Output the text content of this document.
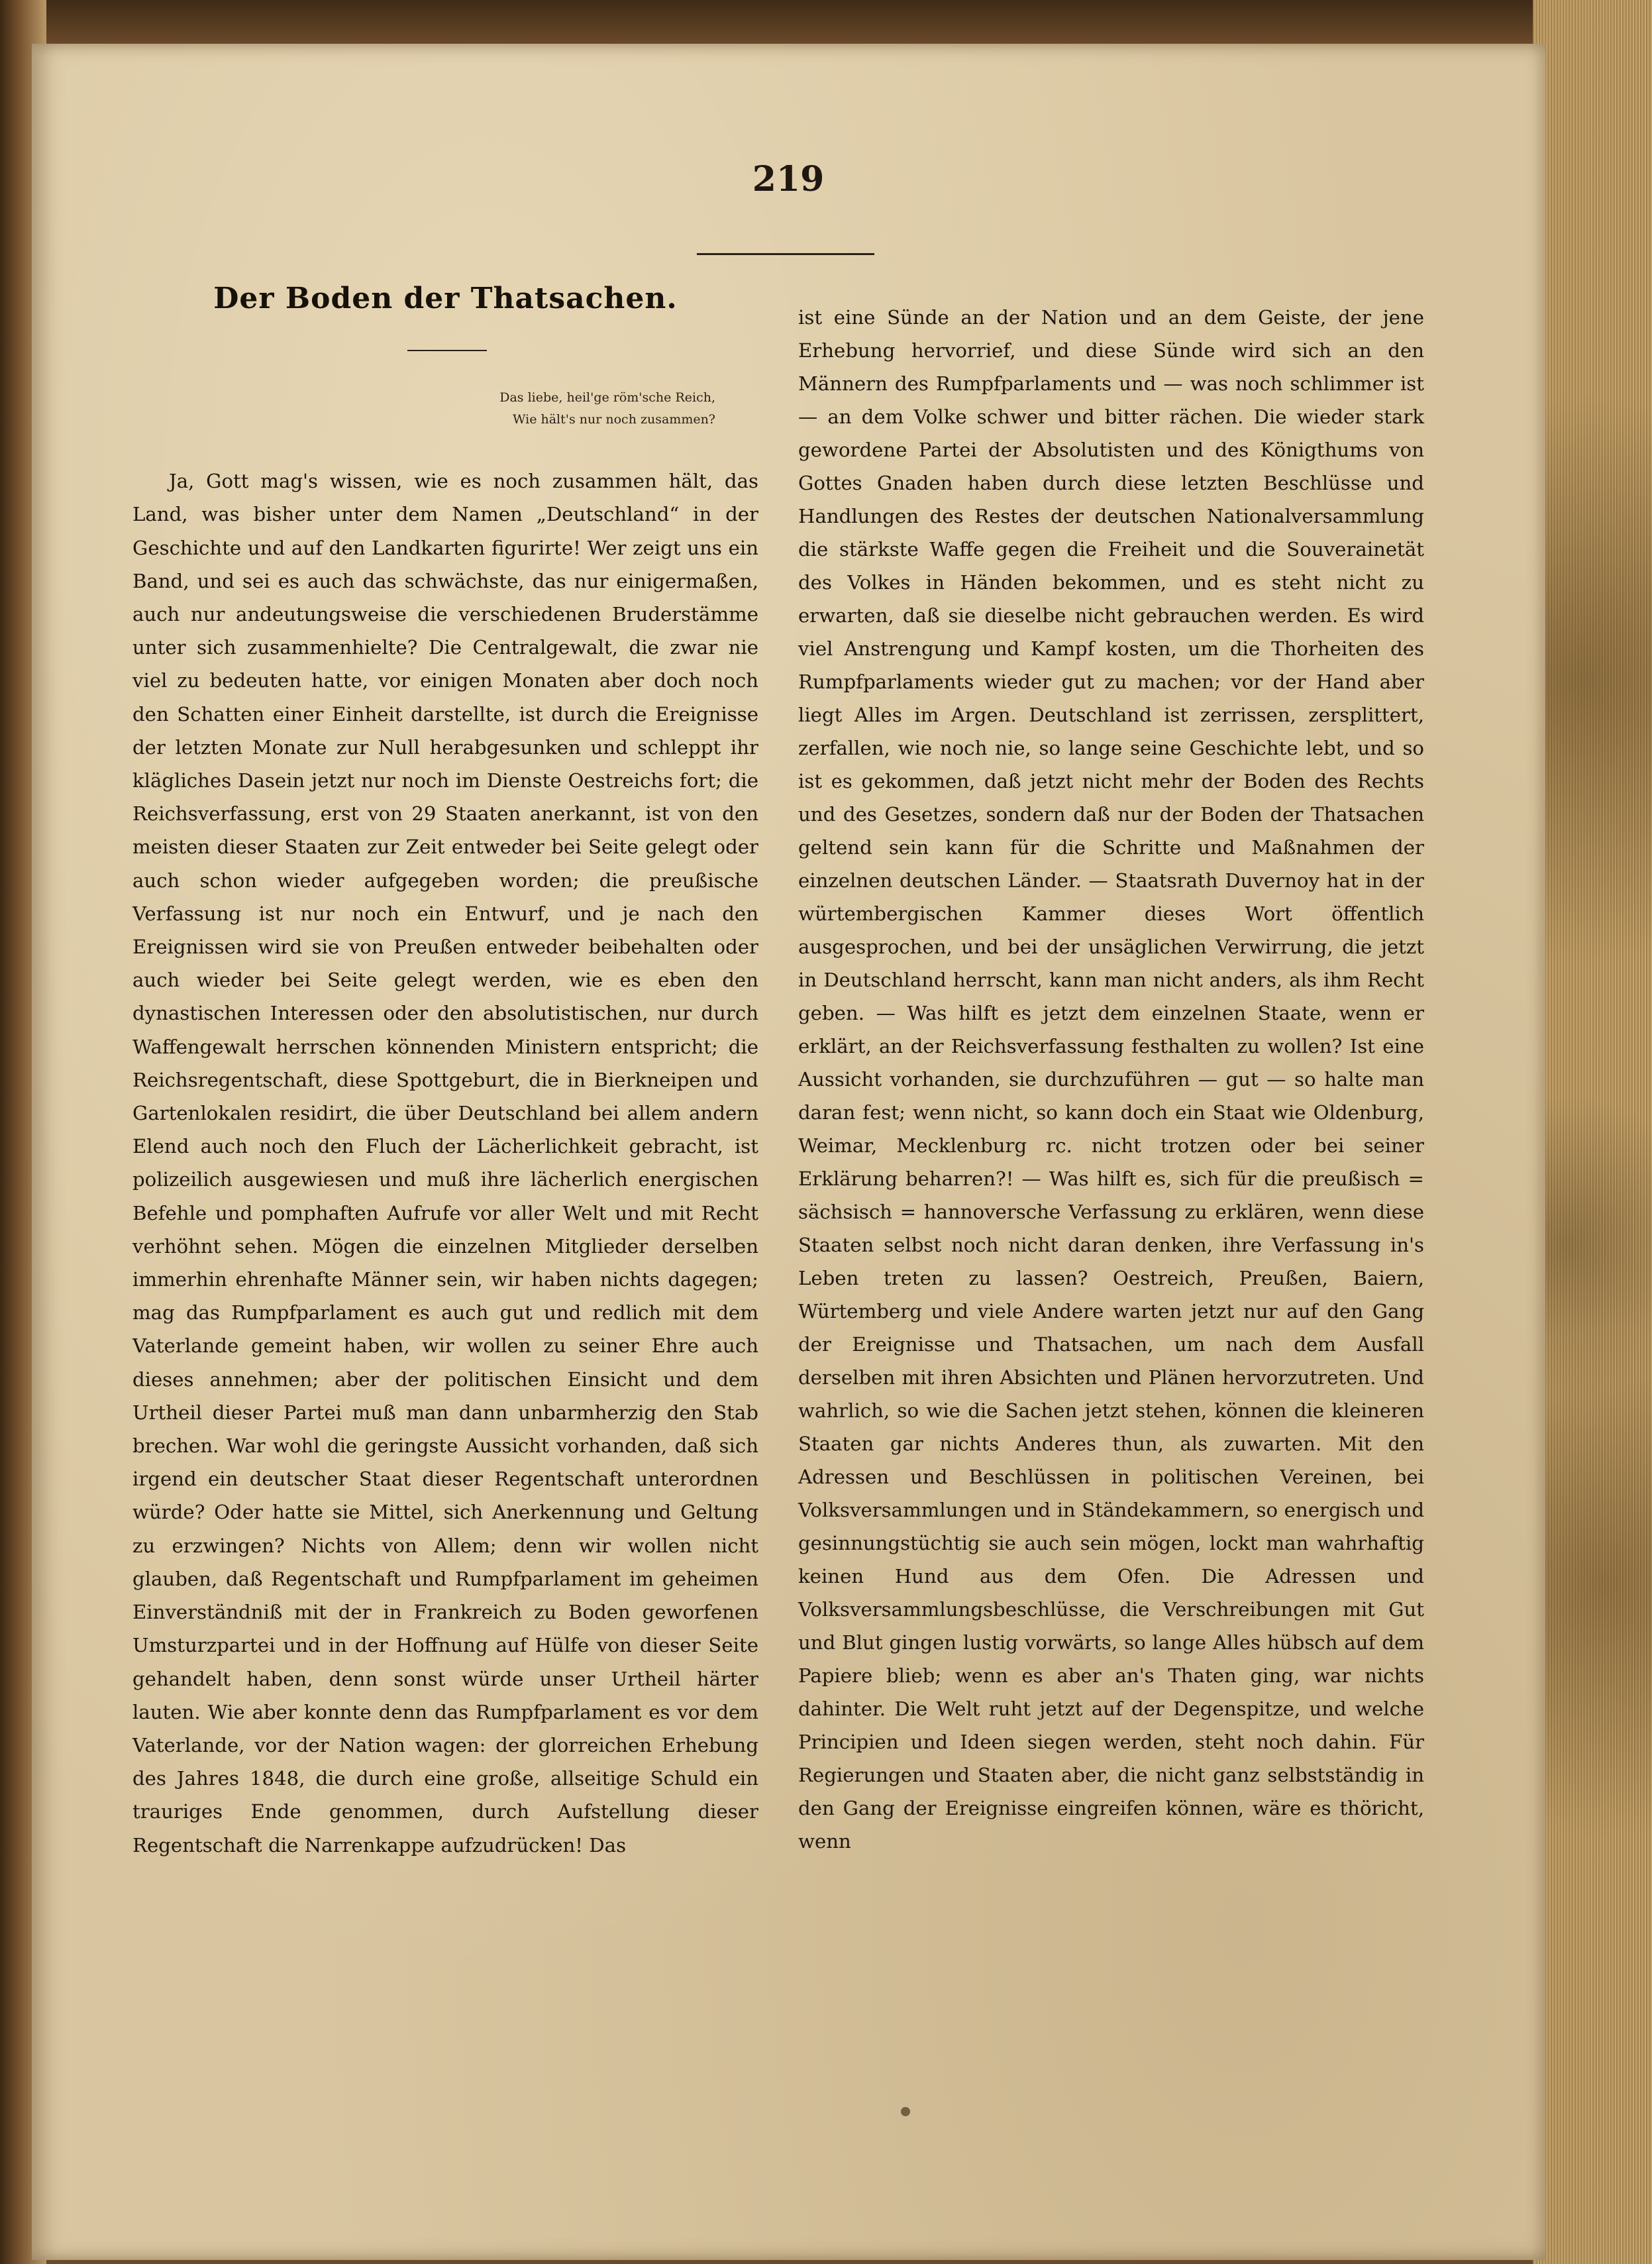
219
Der Boden der Thatsachen.
Das liebe, heil'ge röm'sche Reich,
Wie hält's nur noch zusammen?

Ja, Gott mag's wissen, wie es noch zusammen hält, das Land, was bisher unter dem Namen „Deutschland“ in der Geschichte und auf den Landkarten figurirte! Wer zeigt uns ein Band, und sei es auch das schwächste, das nur einigermaßen, auch nur andeutungsweise die verschiedenen Bruderstämme unter sich zusammenhielte? Die Centralgewalt, die zwar nie viel zu bedeuten hatte, vor einigen Monaten aber doch noch den Schatten einer Einheit darstellte, ist durch die Ereignisse der letzten Monate zur Null herabgesunken und schleppt ihr klägliches Dasein jetzt nur noch im Dienste Oestreichs fort; die Reichsverfassung, erst von 29 Staaten anerkannt, ist von den meisten dieser Staaten zur Zeit entweder bei Seite gelegt oder auch schon wieder aufgegeben worden; die preußische Verfassung ist nur noch ein Entwurf, und je nach den Ereignissen wird sie von Preußen entweder beibehalten oder auch wieder bei Seite gelegt werden, wie es eben den dynastischen Interessen oder den absolutistischen, nur durch Waffengewalt herrschen könnenden Ministern entspricht; die Reichsregentschaft, diese Spottgeburt, die in Bierkneipen und Gartenlokalen residirt, die über Deutschland bei allem andern Elend auch noch den Fluch der Lächerlichkeit gebracht, ist polizeilich ausgewiesen und muß ihre lächerlich energischen Befehle und pomphaften Aufrufe vor aller Welt und mit Recht verhöhnt sehen. Mögen die einzelnen Mitglieder derselben immerhin ehrenhafte Männer sein, wir haben nichts dagegen; mag das Rumpfparlament es auch gut und redlich mit dem Vaterlande gemeint haben, wir wollen zu seiner Ehre auch dieses annehmen; aber der politischen Einsicht und dem Urtheil dieser Partei muß man dann unbarmherzig den Stab brechen. War wohl die geringste Aussicht vorhanden, daß sich irgend ein deutscher Staat dieser Regentschaft unterordnen würde? Oder hatte sie Mittel, sich Anerkennung und Geltung zu erzwingen? Nichts von Allem; denn wir wollen nicht glauben, daß Regentschaft und Rumpfparlament im geheimen Einverständniß mit der in Frankreich zu Boden geworfenen Umsturzpartei und in der Hoffnung auf Hülfe von dieser Seite gehandelt haben, denn sonst würde unser Urtheil härter lauten. Wie aber konnte denn das Rumpfparlament es vor dem Vaterlande, vor der Nation wagen: der glorreichen Erhebung des Jahres 1848, die durch eine große, allseitige Schuld ein trauriges Ende genommen, durch Aufstellung dieser Regentschaft die Narrenkappe aufzudrücken! Das

ist eine Sünde an der Nation und an dem Geiste, der jene Erhebung hervorrief, und diese Sünde wird sich an den Männern des Rumpfparlaments und — was noch schlimmer ist — an dem Volke schwer und bitter rächen. Die wieder stark gewordene Partei der Absolutisten und des Königthums von Gottes Gnaden haben durch diese letzten Beschlüsse und Handlungen des Restes der deutschen Nationalversammlung die stärkste Waffe gegen die Freiheit und die Souverainetät des Volkes in Händen bekommen, und es steht nicht zu erwarten, daß sie dieselbe nicht gebrauchen werden. Es wird viel Anstrengung und Kampf kosten, um die Thorheiten des Rumpfparlaments wieder gut zu machen; vor der Hand aber liegt Alles im Argen. Deutschland ist zerrissen, zersplittert, zerfallen, wie noch nie, so lange seine Geschichte lebt, und so ist es gekommen, daß jetzt nicht mehr der Boden des Rechts und des Gesetzes, sondern daß nur der Boden der Thatsachen geltend sein kann für die Schritte und Maßnahmen der einzelnen deutschen Länder. — Staatsrath Duvernoy hat in der würtembergischen Kammer dieses Wort öffentlich ausgesprochen, und bei der unsäglichen Verwirrung, die jetzt in Deutschland herrscht, kann man nicht anders, als ihm Recht geben. — Was hilft es jetzt dem einzelnen Staate, wenn er erklärt, an der Reichsverfassung festhalten zu wollen? Ist eine Aussicht vorhanden, sie durchzuführen — gut — so halte man daran fest; wenn nicht, so kann doch ein Staat wie Oldenburg, Weimar, Mecklenburg rc. nicht trotzen oder bei seiner Erklärung beharren?! — Was hilft es, sich für die preußisch = sächsisch = hannoversche Verfassung zu erklären, wenn diese Staaten selbst noch nicht daran denken, ihre Verfassung in's Leben treten zu lassen? Oestreich, Preußen, Baiern, Würtemberg und viele Andere warten jetzt nur auf den Gang der Ereignisse und Thatsachen, um nach dem Ausfall derselben mit ihren Absichten und Plänen hervorzutreten. Und wahrlich, so wie die Sachen jetzt stehen, können die kleineren Staaten gar nichts Anderes thun, als zuwarten. Mit den Adressen und Beschlüssen in politischen Vereinen, bei Volksversammlungen und in Ständekammern, so energisch und gesinnungstüchtig sie auch sein mögen, lockt man wahrhaftig keinen Hund aus dem Ofen. Die Adressen und Volksversammlungsbeschlüsse, die Verschreibungen mit Gut und Blut gingen lustig vorwärts, so lange Alles hübsch auf dem Papiere blieb; wenn es aber an's Thaten ging, war nichts dahinter. Die Welt ruht jetzt auf der Degenspitze, und welche Principien und Ideen siegen werden, steht noch dahin. Für Regierungen und Staaten aber, die nicht ganz selbstständig in den Gang der Ereignisse eingreifen können, wäre es thöricht, wenn
